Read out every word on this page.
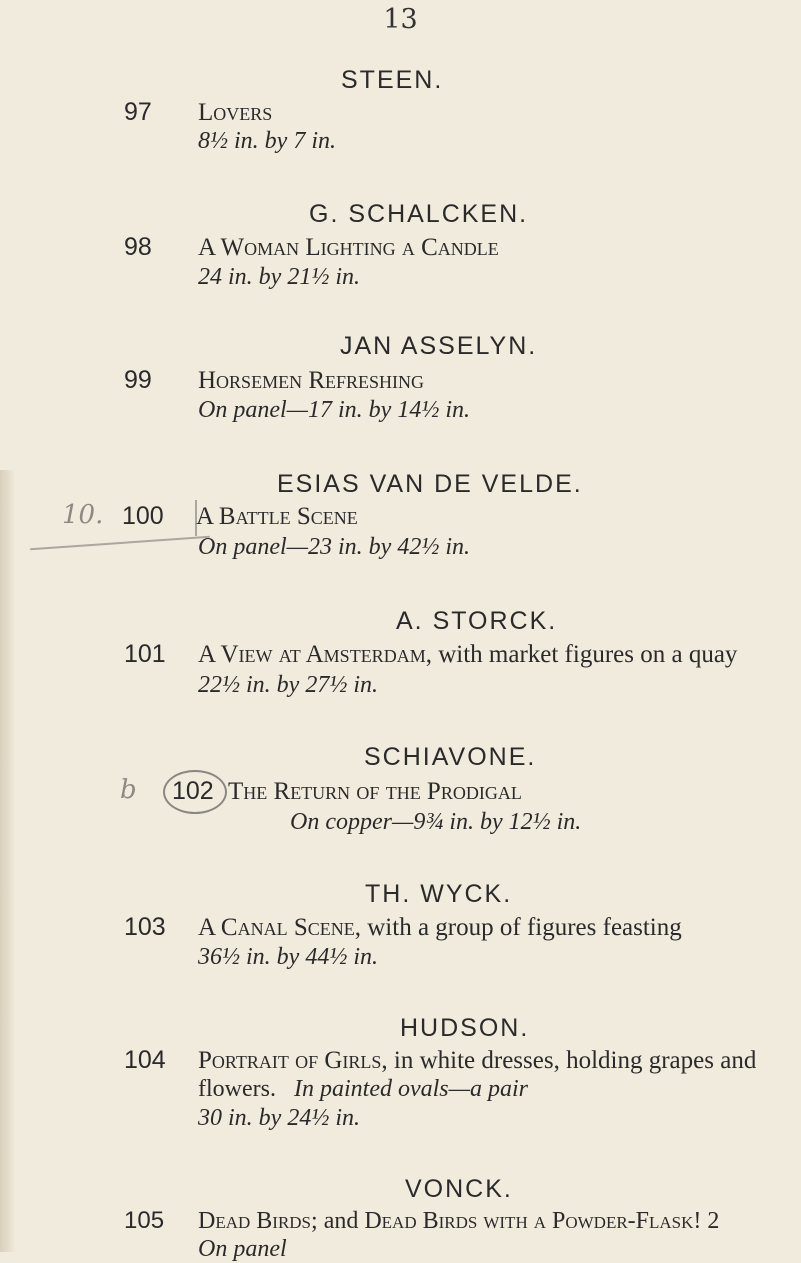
13
STEEN.
97 Lovers
8½ in. by 7 in.
G. SCHALCKEN.
98 A Woman Lighting a Candle
24 in. by 21½ in.
JAN ASSELYN.
99 Horsemen Refreshing
On panel—17 in. by 14½ in.
ESIAS VAN DE VELDE.
10. 100 A Battle Scene
On panel—23 in. by 42½ in.
A. STORCK.
101 A View at Amsterdam, with market figures on a quay
22½ in. by 27½ in.
SCHIAVONE.
b 102 The Return of the Prodigal
On copper—9¾ in. by 12½ in.
TH. WYCK.
103 A Canal Scene, with a group of figures feasting
36½ in. by 44½ in.
HUDSON.
104 Portrait of Girls, in white dresses, holding grapes and
flowers. In painted ovals—a pair
30 in. by 24½ in.
VONCK.
105 Dead Birds; and Dead Birds with a Powder-Flask! 2
On panel
